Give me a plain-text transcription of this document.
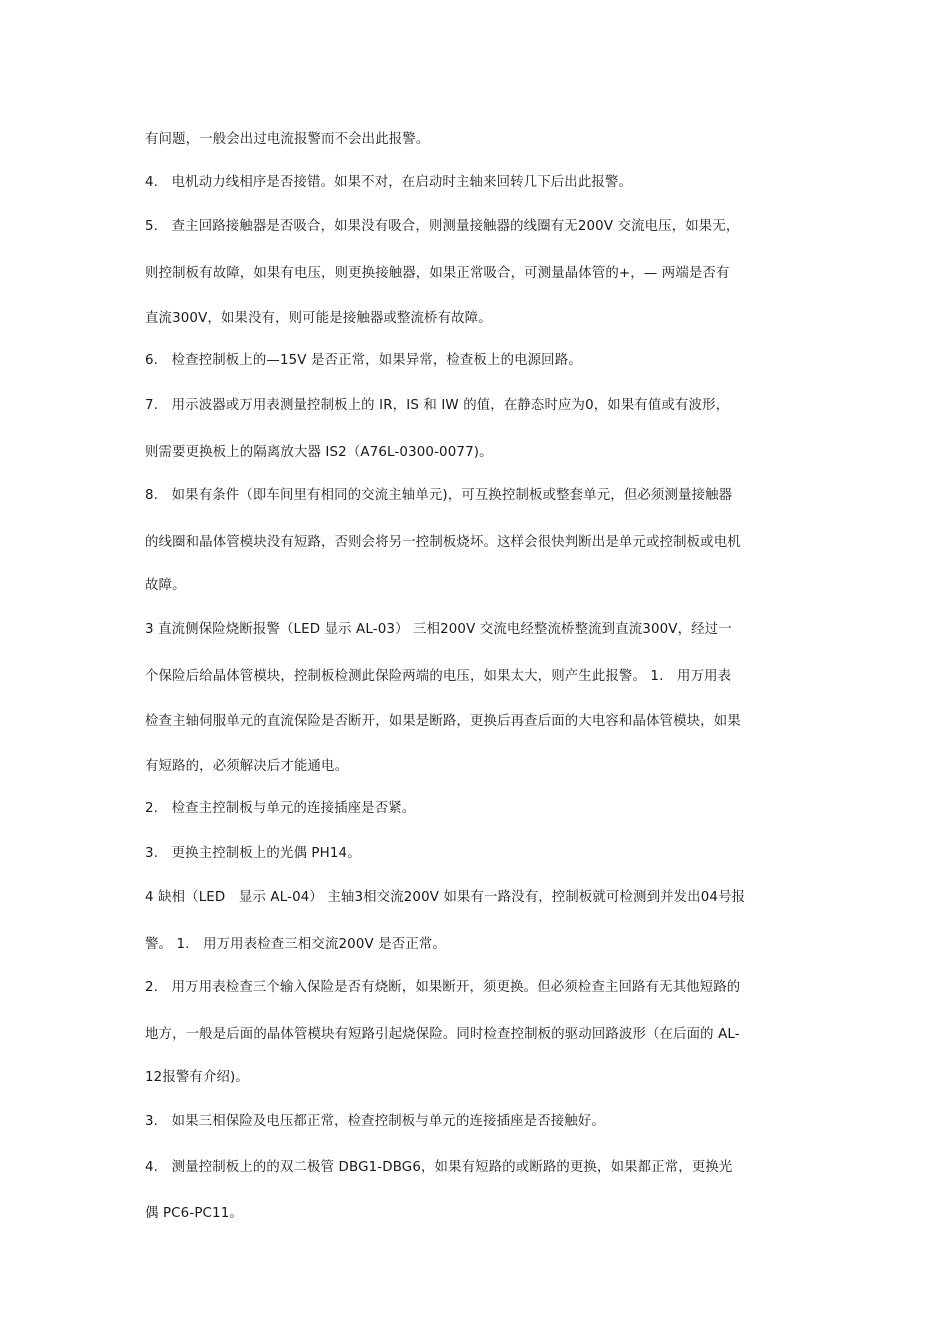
有问题，一般会出过电流报警而不会出此报警。
4.　电机动力线相序是否接错。如果不对，在启动时主轴来回转几下后出此报警。
5.　查主回路接触器是否吸合，如果没有吸合，则测量接触器的线圈有无200V 交流电压，如果无，
则控制板有故障，如果有电压，则更换接触器，如果正常吸合，可测量晶体管的+，— 两端是否有
直流300V，如果没有，则可能是接触器或整流桥有故障。
6.　检查控制板上的—15V 是否正常，如果异常，检查板上的电源回路。
7.　用示波器或万用表测量控制板上的 IR，IS 和 IW 的值，在静态时应为0，如果有值或有波形，
则需要更换板上的隔离放大器 IS2（A76L-0300-0077)。
8.　如果有条件（即车间里有相同的交流主轴单元)，可互换控制板或整套单元，但必须测量接触器
的线圈和晶体管模块没有短路，否则会将另一控制板烧坏。这样会很快判断出是单元或控制板或电机
故障。
3 直流侧保险烧断报警（LED 显示 AL-03） 三相200V 交流电经整流桥整流到直流300V，经过一
个保险后给晶体管模块，控制板检测此保险两端的电压，如果太大，则产生此报警。 1.　用万用表
检查主轴伺服单元的直流保险是否断开，如果是断路，更换后再查后面的大电容和晶体管模块，如果
有短路的，必须解决后才能通电。
2.　检查主控制板与单元的连接插座是否紧。
3.　更换主控制板上的光偶 PH14。
4 缺相（LED　显示 AL-04） 主轴3相交流200V 如果有一路没有，控制板就可检测到并发出04号报
警。 1.　用万用表检查三相交流200V 是否正常。
2.　用万用表检查三个输入保险是否有烧断，如果断开，须更换。但必须检查主回路有无其他短路的
地方，一般是后面的晶体管模块有短路引起烧保险。同时检查控制板的驱动回路波形（在后面的 AL-
12报警有介绍)。
3.　如果三相保险及电压都正常，检查控制板与单元的连接插座是否接触好。
4.　测量控制板上的的双二极管 DBG1-DBG6，如果有短路的或断路的更换，如果都正常，更换光
偶 PC6-PC11。
